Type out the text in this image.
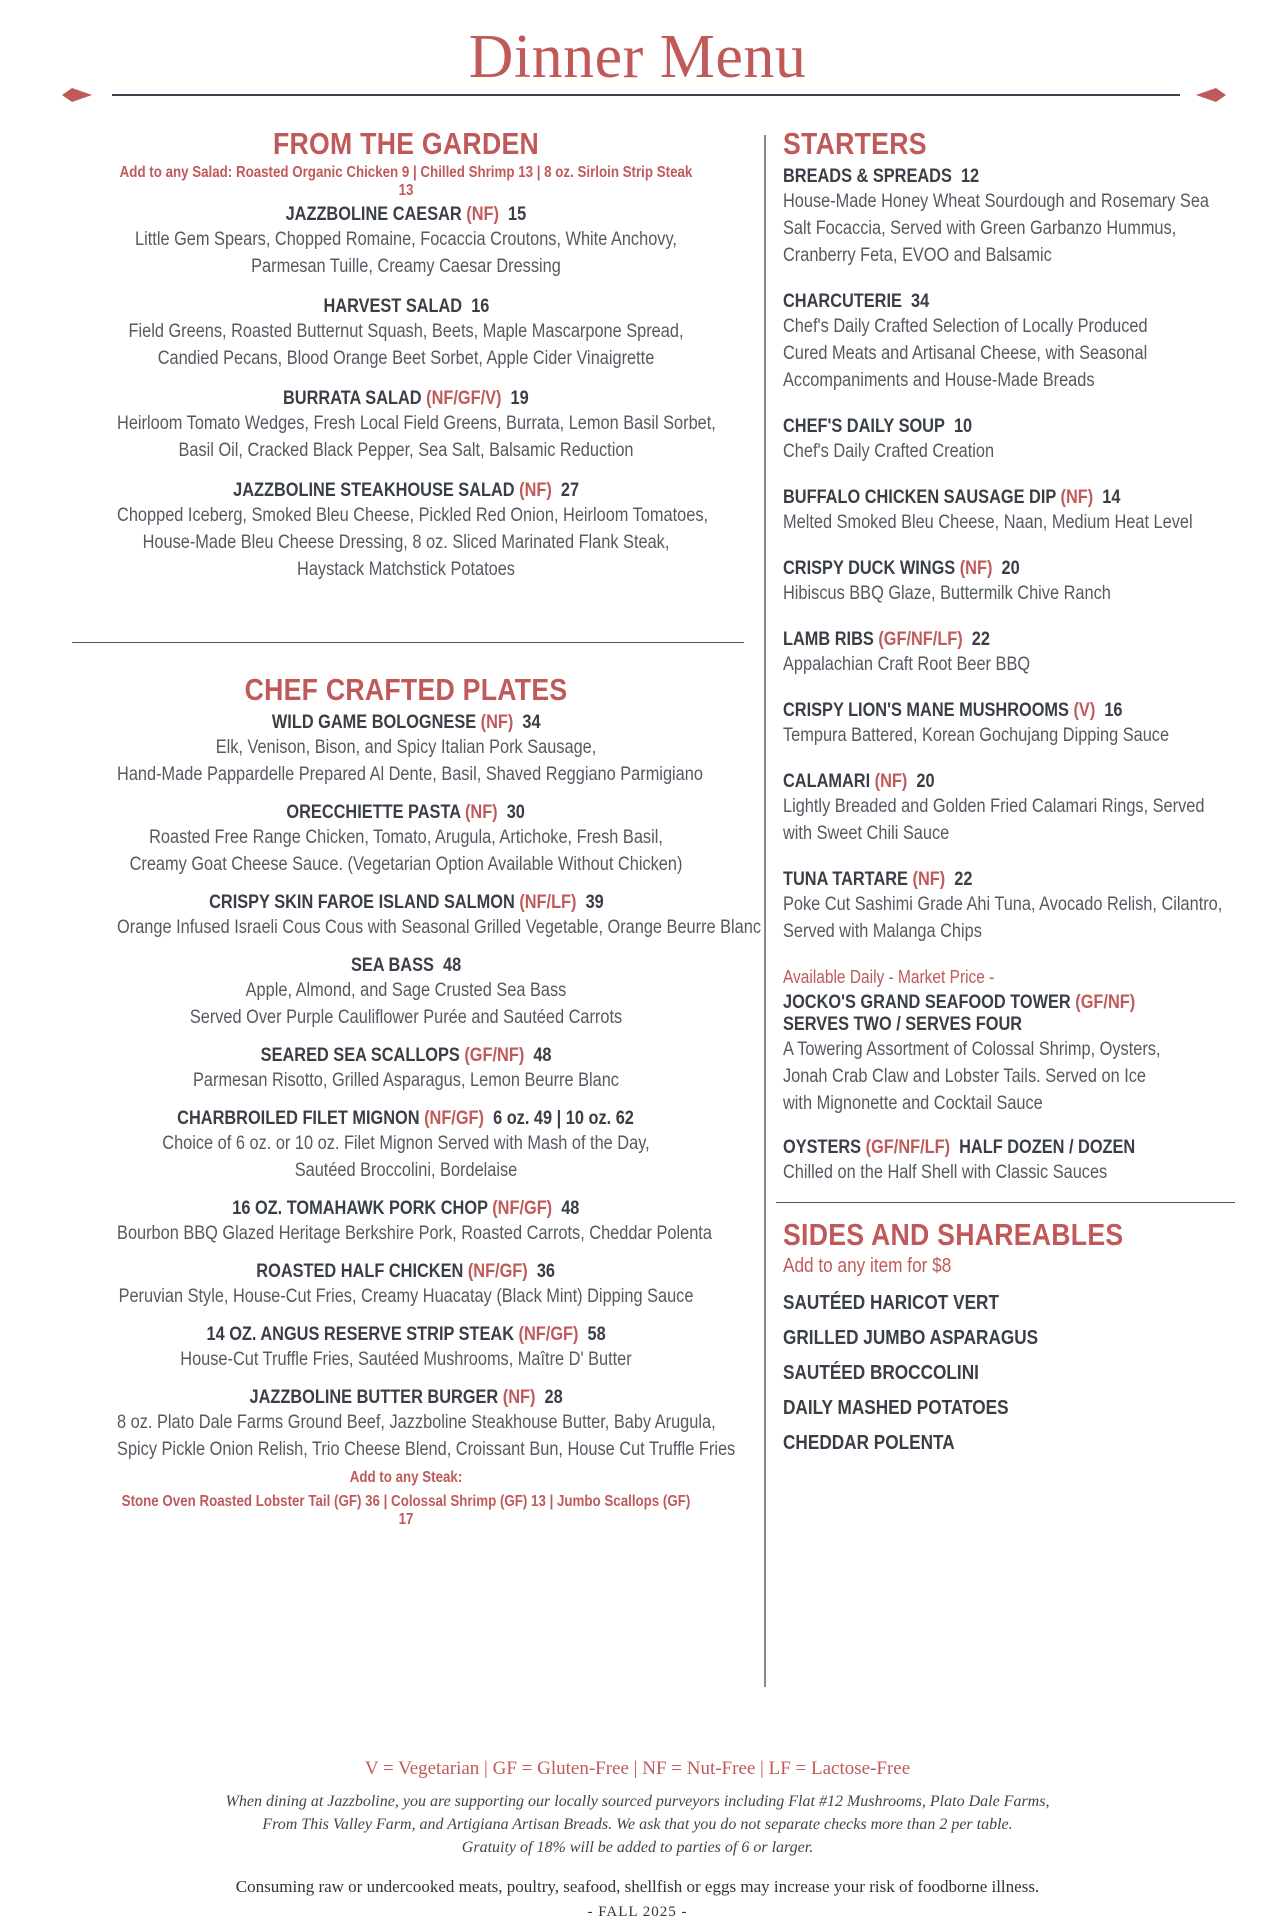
Dinner Menu
FROM THE GARDEN
Add to any Salad: Roasted Organic Chicken 9 | Chilled Shrimp 13 | 8 oz. Sirloin Strip Steak 13
JAZZBOLINE CAESAR (NF) 15
Little Gem Spears, Chopped Romaine, Focaccia Croutons, White Anchovy,
Parmesan Tuille, Creamy Caesar Dressing
HARVEST SALAD 16
Field Greens, Roasted Butternut Squash, Beets, Maple Mascarpone Spread,
Candied Pecans, Blood Orange Beet Sorbet, Apple Cider Vinaigrette
BURRATA SALAD (NF/GF/V) 19
Heirloom Tomato Wedges, Fresh Local Field Greens, Burrata, Lemon Basil Sorbet,
Basil Oil, Cracked Black Pepper, Sea Salt, Balsamic Reduction
JAZZBOLINE STEAKHOUSE SALAD (NF) 27
Chopped Iceberg, Smoked Bleu Cheese, Pickled Red Onion, Heirloom Tomatoes,
House-Made Bleu Cheese Dressing, 8 oz. Sliced Marinated Flank Steak,
Haystack Matchstick Potatoes
CHEF CRAFTED PLATES
WILD GAME BOLOGNESE (NF) 34
Elk, Venison, Bison, and Spicy Italian Pork Sausage,
Hand-Made Pappardelle Prepared Al Dente, Basil, Shaved Reggiano Parmigiano
ORECCHIETTE PASTA (NF) 30
Roasted Free Range Chicken, Tomato, Arugula, Artichoke, Fresh Basil,
Creamy Goat Cheese Sauce. (Vegetarian Option Available Without Chicken)
CRISPY SKIN FAROE ISLAND SALMON (NF/LF) 39
Orange Infused Israeli Cous Cous with Seasonal Grilled Vegetable, Orange Beurre Blanc
SEA BASS 48
Apple, Almond, and Sage Crusted Sea Bass
Served Over Purple Cauliflower Purée and Sautéed Carrots
SEARED SEA SCALLOPS (GF/NF) 48
Parmesan Risotto, Grilled Asparagus, Lemon Beurre Blanc
CHARBROILED FILET MIGNON (NF/GF) 6 oz. 49 | 10 oz. 62
Choice of 6 oz. or 10 oz. Filet Mignon Served with Mash of the Day,
Sautéed Broccolini, Bordelaise
16 OZ. TOMAHAWK PORK CHOP (NF/GF) 48
Bourbon BBQ Glazed Heritage Berkshire Pork, Roasted Carrots, Cheddar Polenta
ROASTED HALF CHICKEN (NF/GF) 36
Peruvian Style, House-Cut Fries, Creamy Huacatay (Black Mint) Dipping Sauce
14 OZ. ANGUS RESERVE STRIP STEAK (NF/GF) 58
House-Cut Truffle Fries, Sautéed Mushrooms, Maître D' Butter
JAZZBOLINE BUTTER BURGER (NF) 28
8 oz. Plato Dale Farms Ground Beef, Jazzboline Steakhouse Butter, Baby Arugula,
Spicy Pickle Onion Relish, Trio Cheese Blend, Croissant Bun, House Cut Truffle Fries
Add to any Steak:
Stone Oven Roasted Lobster Tail (GF) 36 | Colossal Shrimp (GF) 13 | Jumbo Scallops (GF) 17
STARTERS
BREADS & SPREADS 12
House-Made Honey Wheat Sourdough and Rosemary Sea
Salt Focaccia, Served with Green Garbanzo Hummus,
Cranberry Feta, EVOO and Balsamic
CHARCUTERIE 34
Chef's Daily Crafted Selection of Locally Produced
Cured Meats and Artisanal Cheese, with Seasonal
Accompaniments and House-Made Breads
CHEF'S DAILY SOUP 10
Chef's Daily Crafted Creation
BUFFALO CHICKEN SAUSAGE DIP (NF) 14
Melted Smoked Bleu Cheese, Naan, Medium Heat Level
CRISPY DUCK WINGS (NF) 20
Hibiscus BBQ Glaze, Buttermilk Chive Ranch
LAMB RIBS (GF/NF/LF) 22
Appalachian Craft Root Beer BBQ
CRISPY LION'S MANE MUSHROOMS (V) 16
Tempura Battered, Korean Gochujang Dipping Sauce
CALAMARI (NF) 20
Lightly Breaded and Golden Fried Calamari Rings, Served
with Sweet Chili Sauce
TUNA TARTARE (NF) 22
Poke Cut Sashimi Grade Ahi Tuna, Avocado Relish, Cilantro,
Served with Malanga Chips
Available Daily - Market Price -
JOCKO'S GRAND SEAFOOD TOWER (GF/NF)
SERVES TWO / SERVES FOUR
A Towering Assortment of Colossal Shrimp, Oysters,
Jonah Crab Claw and Lobster Tails. Served on Ice
with Mignonette and Cocktail Sauce
OYSTERS (GF/NF/LF) HALF DOZEN / DOZEN
Chilled on the Half Shell with Classic Sauces
SIDES AND SHAREABLES
Add to any item for $8
SAUTÉED HARICOT VERT
GRILLED JUMBO ASPARAGUS
SAUTÉED BROCCOLINI
DAILY MASHED POTATOES
CHEDDAR POLENTA
V = Vegetarian | GF = Gluten-Free | NF = Nut-Free | LF = Lactose-Free
When dining at Jazzboline, you are supporting our locally sourced purveyors including Flat #12 Mushrooms, Plato Dale Farms,
From This Valley Farm, and Artigiana Artisan Breads. We ask that you do not separate checks more than 2 per table.
Gratuity of 18% will be added to parties of 6 or larger.
Consuming raw or undercooked meats, poultry, seafood, shellfish or eggs may increase your risk of foodborne illness.
- FALL 2025 -
